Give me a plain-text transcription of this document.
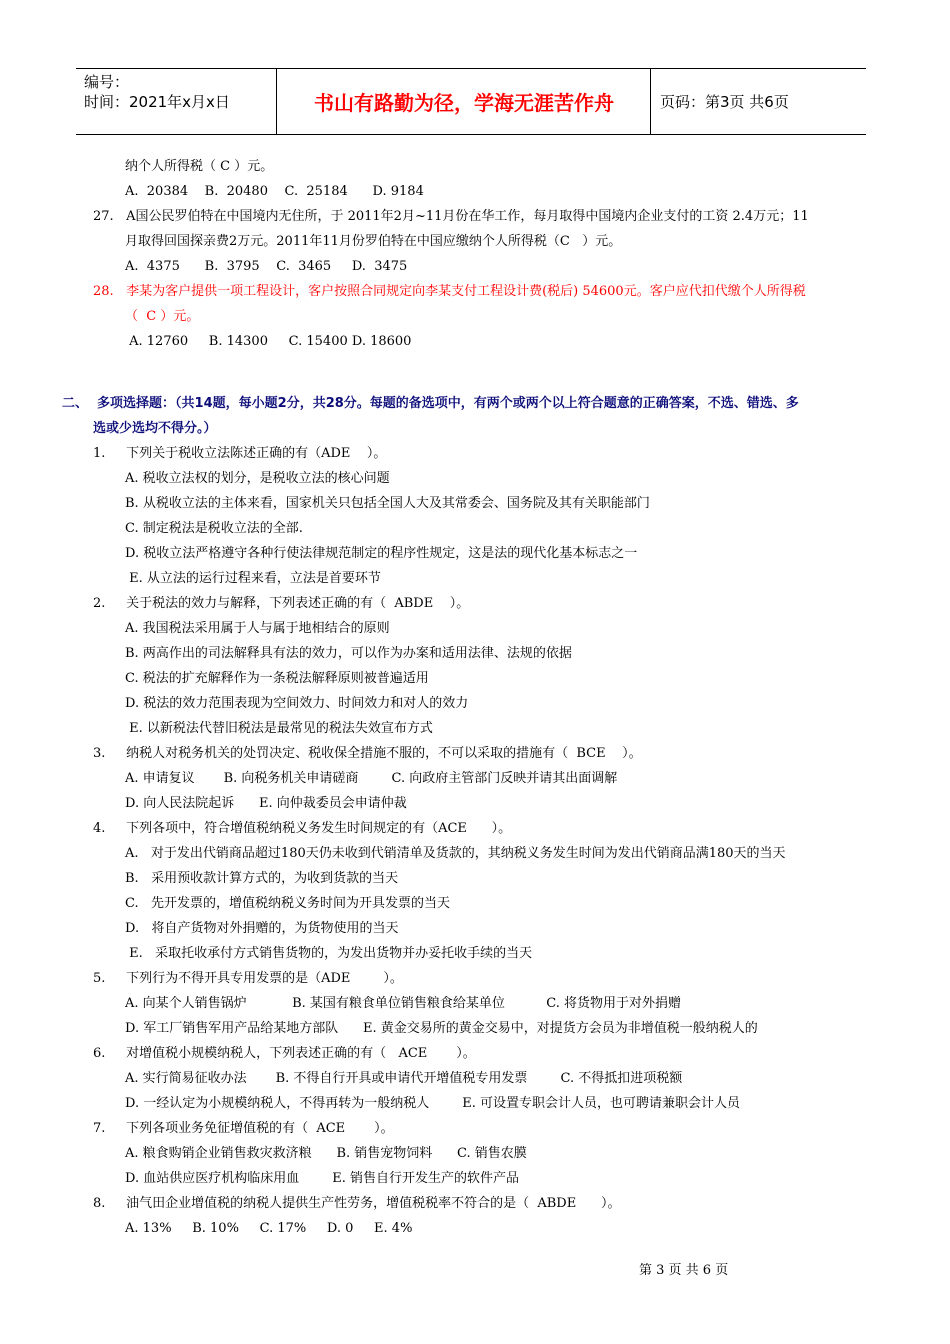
编号：
时间：2021年x月x日	书山有路勤为径，学海无涯苦作舟	页码：第3页 共6页
纳个人所得税（ C ）元。
A.  20384    B.  20480    C.  25184      D. 9184
27.   A国公民罗伯特在中国境内无住所，于 2011年2月~11月份在华工作，每月取得中国境内企业支付的工资 2.4万元；11
月取得回国探亲费2万元。2011年11月份罗伯特在中国应缴纳个人所得税（C   ）元。
A.  4375      B.  3795    C.  3465     D.  3475
28.   李某为客户提供一项工程设计，客户按照合同规定向李某支付工程设计费(税后) 54600元。客户应代扣代缴个人所得税
（  C ）元。
A. 12760     B. 14300     C. 15400 D. 18600
二、  多项选择题：（共14题，每小题2分，共28分。每题的备选项中，有两个或两个以上符合题意的正确答案，不选、错选、多
选或少选均不得分。）
1.     下列关于税收立法陈述正确的有（ADE    ）。
A. 税收立法权的划分，是税收立法的核心问题
B. 从税收立法的主体来看，国家机关只包括全国人大及其常委会、国务院及其有关职能部门
C. 制定税法是税收立法的全部.
D. 税收立法严格遵守各种行使法律规范制定的程序性规定，这是法的现代化基本标志之一
E. 从立法的运行过程来看，立法是首要环节
2.     关于税法的效力与解释，下列表述正确的有（  ABDE    ）。
A. 我国税法采用属于人与属于地相结合的原则
B. 两高作出的司法解释具有法的效力，可以作为办案和适用法律、法规的依据
C. 税法的扩充解释作为一条税法解释原则被普遍适用
D. 税法的效力范围表现为空间效力、时间效力和对人的效力
E. 以新税法代替旧税法是最常见的税法失效宣布方式
3.     纳税人对税务机关的处罚决定、税收保全措施不服的，不可以采取的措施有（  BCE    ）。
A. 申请复议       B. 向税务机关申请磋商        C. 向政府主管部门反映并请其出面调解
D. 向人民法院起诉      E. 向仲裁委员会申请仲裁
4.     下列各项中，符合增值税纳税义务发生时间规定的有（ACE      ）。
A.   对于发出代销商品超过180天仍未收到代销清单及货款的，其纳税义务发生时间为发出代销商品满180天的当天
B.   采用预收款计算方式的，为收到货款的当天
C.   先开发票的，增值税纳税义务时间为开具发票的当天
D.   将自产货物对外捐赠的，为货物使用的当天
E.   采取托收承付方式销售货物的，为发出货物并办妥托收手续的当天
5.     下列行为不得开具专用发票的是（ADE        ）。
A. 向某个人销售锅炉           B. 某国有粮食单位销售粮食给某单位          C. 将货物用于对外捐赠
D. 军工厂销售军用产品给某地方部队      E. 黄金交易所的黄金交易中，对提货方会员为非增值税一般纳税人的
6.     对增值税小规模纳税人，下列表述正确的有（   ACE       ）。
A. 实行简易征收办法       B. 不得自行开具或申请代开增值税专用发票        C. 不得抵扣进项税额
D. 一经认定为小规模纳税人，不得再转为一般纳税人        E. 可设置专职会计人员，也可聘请兼职会计人员
7.     下列各项业务免征增值税的有（  ACE       ）。
A. 粮食购销企业销售救灾救济粮      B. 销售宠物饲料      C. 销售农膜
D. 血站供应医疗机构临床用血        E. 销售自行开发生产的软件产品
8.     油气田企业增值税的纳税人提供生产性劳务，增值税税率不符合的是（  ABDE      ）。
A. 13%     B. 10%     C. 17%     D. 0     E. 4%
第 3 页 共 6 页
